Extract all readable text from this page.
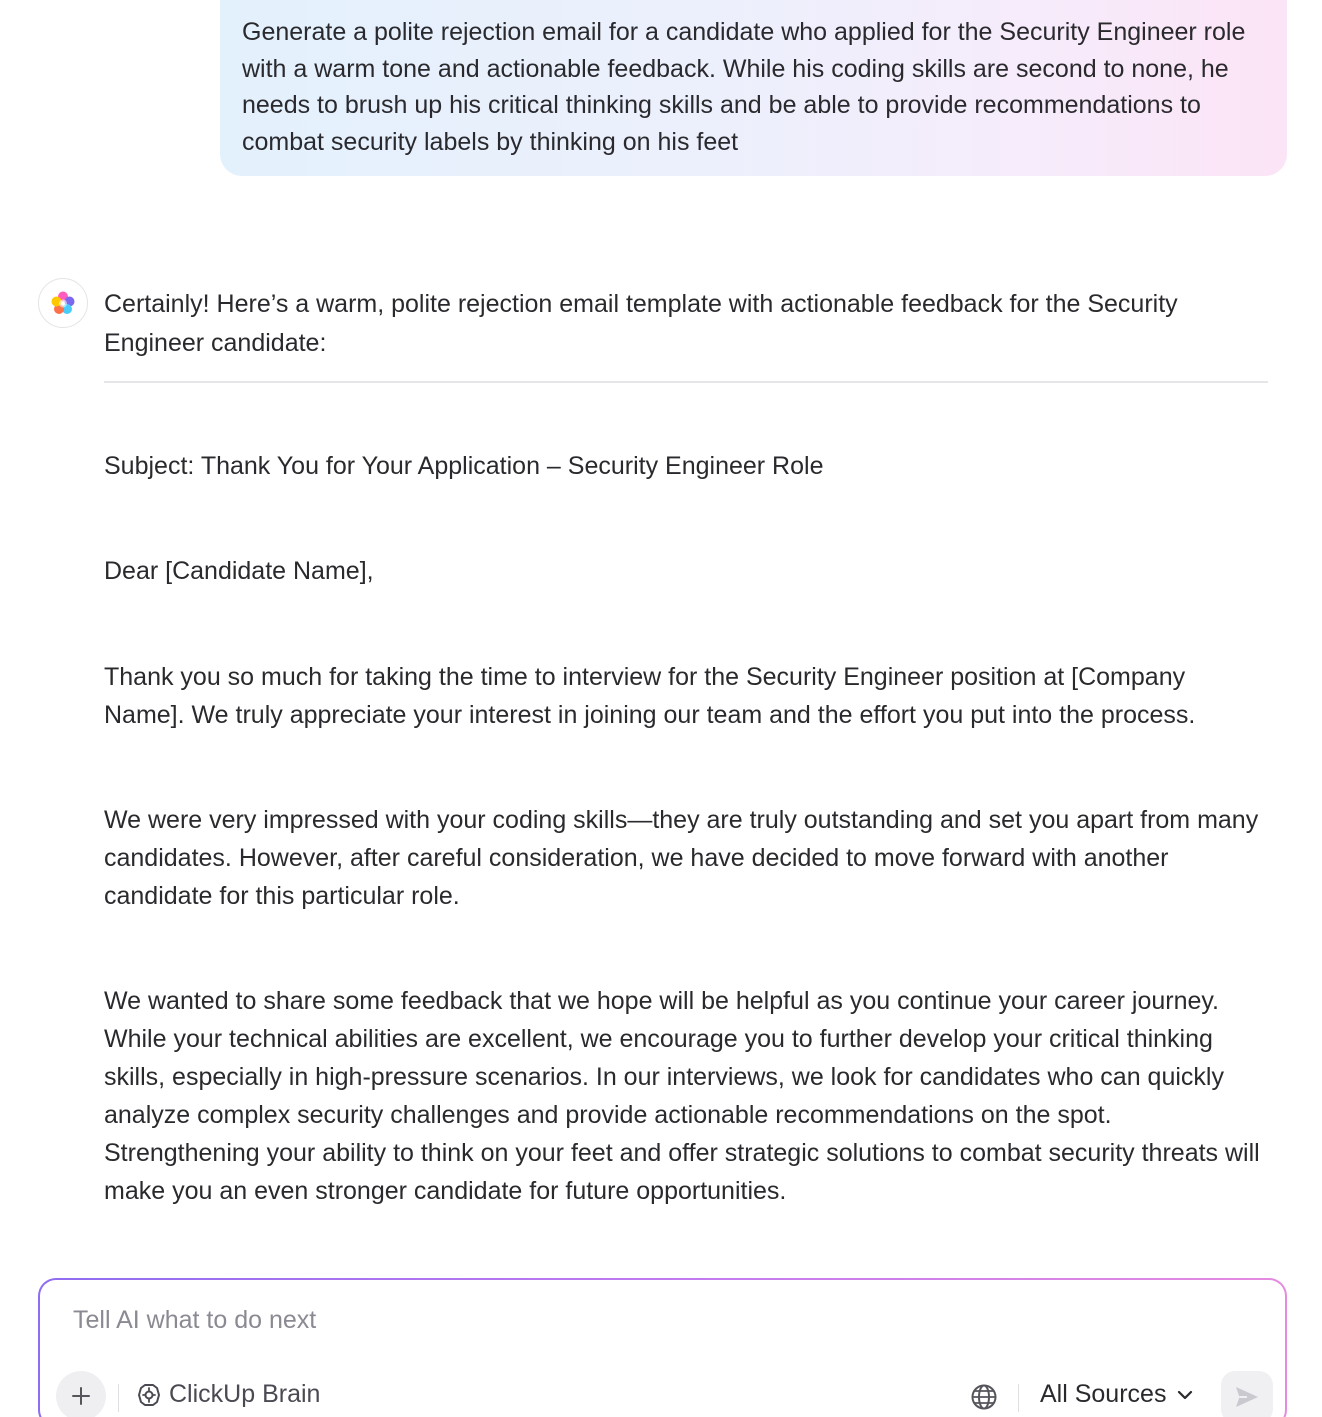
Generate a polite rejection email for a candidate who applied for the Security Engineer role with a warm tone and actionable feedback. While his coding skills are second to none, he needs to brush up his critical thinking skills and be able to provide recommendations to combat security labels by thinking on his feet

Certainly! Here’s a warm, polite rejection email template with actionable feedback for the Security Engineer candidate:

Subject: Thank You for Your Application – Security Engineer Role

Dear [Candidate Name],

Thank you so much for taking the time to interview for the Security Engineer position at [Company Name]. We truly appreciate your interest in joining our team and the effort you put into the process.

We were very impressed with your coding skills—they are truly outstanding and set you apart from many candidates. However, after careful consideration, we have decided to move forward with another candidate for this particular role.

We wanted to share some feedback that we hope will be helpful as you continue your career journey. While your technical abilities are excellent, we encourage you to further develop your critical thinking skills, especially in high-pressure scenarios. In our interviews, we look for candidates who can quickly analyze complex security challenges and provide actionable recommendations on the spot. Strengthening your ability to think on your feet and offer strategic solutions to combat security threats will make you an even stronger candidate for future opportunities.

Tell AI what to do next
ClickUp Brain	All Sources
